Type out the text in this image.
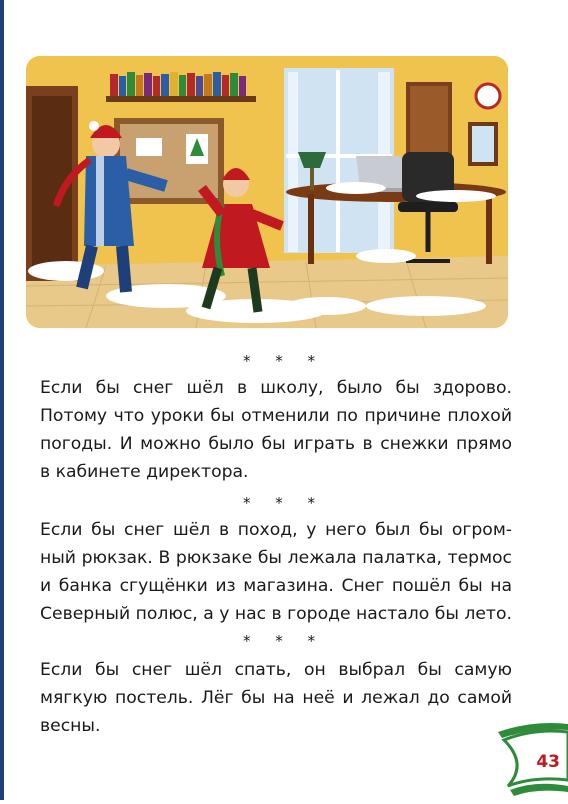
* * *
Если бы снег шёл в школу, было бы здорово.
Потому что уроки бы отменили по причине плохой
погоды. И можно было бы играть в снежки прямо
в кабинете директора.
* * *
Если бы снег шёл в поход, у него был бы огром-
ный рюкзак. В рюкзаке бы лежала палатка, термос
и банка сгущёнки из магазина. Снег пошёл бы на
Северный полюс, а у нас в городе настало бы лето.
* * *
Если бы снег шёл спать, он выбрал бы самую
мягкую постель. Лёг бы на неё и лежал до самой
весны.
43
